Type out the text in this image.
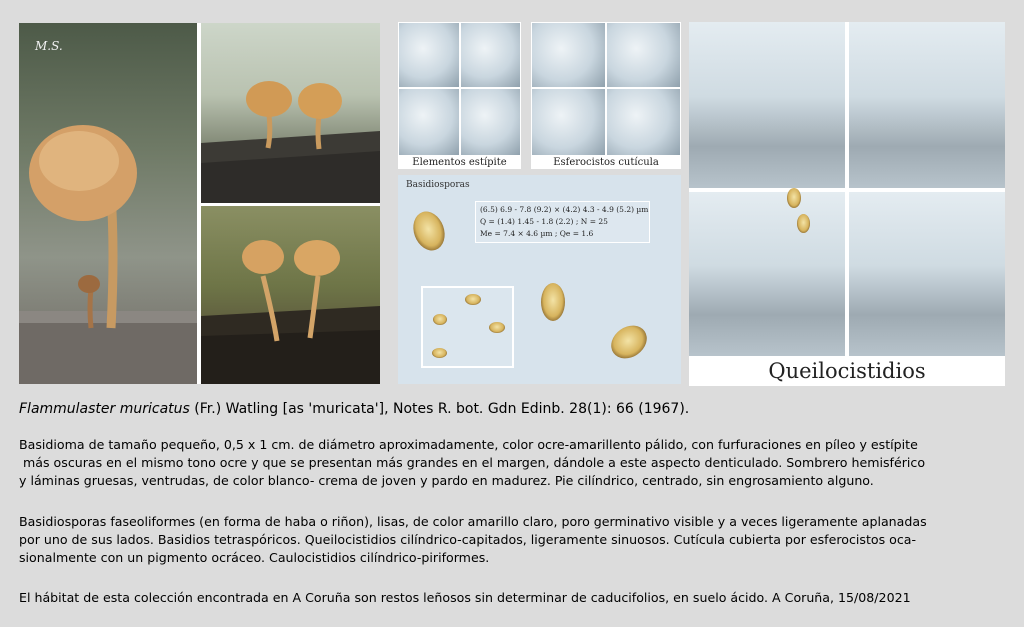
M.S.
Elementos estípite	Esferocistos cutícula
Basidiosporas
(6.5) 6.9 - 7.8 (9.2) × (4.2) 4.3 - 4.9 (5.2) µm
Q = (1.4) 1.45 - 1.8 (2.2) ; N = 25
Me = 7.4 × 4.6 µm ; Qe = 1.6
Queilocistidios
Flammulaster muricatus (Fr.) Watling [as 'muricata'], Notes R. bot. Gdn Edinb. 28(1): 66 (1967).
Basidioma de tamaño pequeño, 0,5 x 1 cm. de diámetro aproximadamente, color ocre-amarillento pálido, con furfuraciones en píleo y estípite
más oscuras en el mismo tono ocre y que se presentan más grandes en el margen, dándole a este aspecto denticulado. Sombrero hemisférico
y láminas gruesas, ventrudas, de color blanco- crema de joven y pardo en madurez. Pie cilíndrico, centrado, sin engrosamiento alguno.
Basidiosporas faseoliformes (en forma de haba o riñon), lisas, de color amarillo claro, poro germinativo visible y a veces ligeramente aplanadas
por uno de sus lados. Basidios tetraspóricos. Queilocistidios cilíndrico-capitados, ligeramente sinuosos. Cutícula cubierta por esferocistos oca-
sionalmente con un pigmento ocráceo. Caulocistidios cilíndrico-piriformes.
El hábitat de esta colección encontrada en A Coruña son restos leñosos sin determinar de caducifolios, en suelo ácido. A Coruña, 15/08/2021
